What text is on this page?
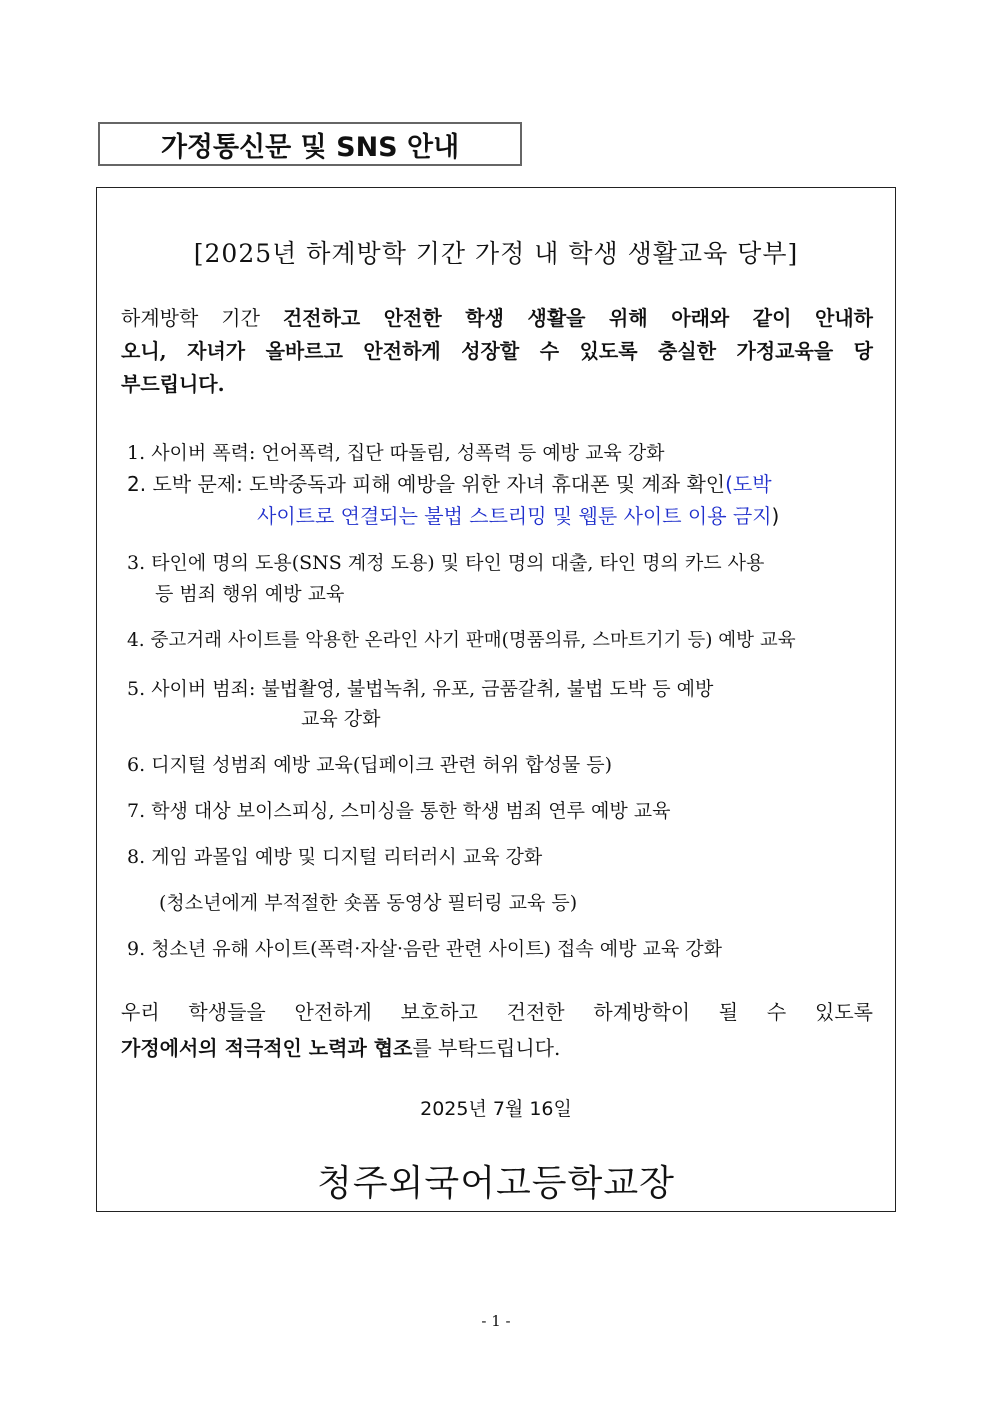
가정통신문 및 SNS 안내
[2025년 하계방학 기간 가정 내 학생 생활교육 당부]
하계방학 기간 건전하고 안전한 학생 생활을 위해 아래와 같이 안내하
오니, 자녀가 올바르고 안전하게 성장할 수 있도록 충실한 가정교육을 당
부드립니다.
1. 사이버 폭력: 언어폭력, 집단 따돌림, 성폭력 등 예방 교육 강화
2. 도박 문제: 도박중독과 피해 예방을 위한 자녀 휴대폰 및 계좌 확인(도박
사이트로 연결되는 불법 스트리밍 및 웹툰 사이트 이용 금지)
3. 타인에 명의 도용(SNS 계정 도용) 및 타인 명의 대출, 타인 명의 카드 사용
등 범죄 행위 예방 교육
4. 중고거래 사이트를 악용한 온라인 사기 판매(명품의류, 스마트기기 등) 예방 교육
5. 사이버 범죄: 불법촬영, 불법녹취, 유포, 금품갈취, 불법 도박 등 예방
교육 강화
6. 디지털 성범죄 예방 교육(딥페이크 관련 허위 합성물 등)
7. 학생 대상 보이스피싱, 스미싱을 통한 학생 범죄 연루 예방 교육
8. 게임 과몰입 예방 및 디지털 리터러시 교육 강화
(청소년에게 부적절한 숏폼 동영상 필터링 교육 등)
9. 청소년 유해 사이트(폭력·자살·음란 관련 사이트) 접속 예방 교육 강화
우리 학생들을 안전하게 보호하고 건전한 하계방학이 될 수 있도록
가정에서의 적극적인 노력과 협조를 부탁드립니다.
2025년 7월 16일
청주외국어고등학교장
- 1 -
